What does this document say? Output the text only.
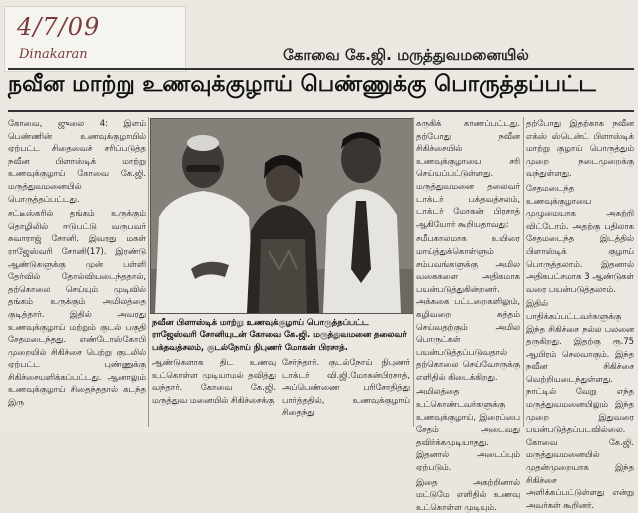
4/7/09
Dinakaran	கோவை கே.ஜி. மருத்துவமனையில்
நவீன மாற்று உணவுக்குழாய் பெண்ணுக்கு பொருத்தப்பட்ட

கோவை, ஜுலை 4: இளம் பெண்ணின் உணவுக்குழாயில் ஏற்பட்ட சிதைவைச் சரிப்படுத்த நவீன பிளாஸ்டிக் மாற்று உணவுக்குழாய் கோவை கே.ஜி. மருத்துவமனையில் பொருத்தப்பட்டது.

சட்டீஸ்கரில் தங்கம் உருக்கும் தொழிலில் ஈடுபட்டு வருபவர் சுவாராஜ் சோனி. இவரது மகள் ராஜேஸ்வரி சோனி(17). இரண்டு ஆண்டுகளுக்கு முன் பள்ளி தேர்வில் தோல்வியடைந்ததால், தற்கொலை செய்யும் முடிவில் தங்கம் உருக்கும் அமிலத்தை குடித்தார். இதில் அவரது உணவுக்குழாய் மற்றும் குடல் பகுதி சேதமடைந்தது. எண்டோஸ்கோபி முறையில் சிகிச்சை பெற்று குடலில் ஏற்பட்ட புண்ணுக்கு சிகிச்சையளிக்கப்பட்டது. ஆனாலும் உணவுக்குழாய் சிதைந்ததால் கடந்த இரு

நவீன பிளாஸ்டிக் மாற்று உணவுக்குழாய் பொருத்தப்பட்ட ராஜேஸ்வரி சோனியுடன் கோவை கே.ஜி. மருத்துவமனை தலைவர் பக்தவத்சலம், குடல்நோய் நிபுணர் மோகன் பிரசாத்.

ஆண்டுகளாக திட உணவு உட்கொள்ள முடியாமல் தவித்து வந்தார். கோவை கே.ஜி. மருத்துவ மனையில் சிகிச்சைக்கு

சேர்ந்தார். குடல்நோய் நிபுணர் டாக்டர் வி.ஜி.மோகன்பிரசாத், அப்பெண்ணை பரிசோதித்து பார்த்ததில், உணவுக்குழாய் சிதைந்து

கருகிக் காணப்பட்டது. தற்போது நவீன சிகிச்சையில் உணவுக்குழாயை சரி செய்யப்பட்டுள்ளது. மருத்துவமனை தலைவர் டாக்டர் பக்தவத்சலம், டாக்டர் மோகன் பிரசாத் ஆகியோர் கூறியதாவது:

சமீபகாலமாக உயிரை மாய்த்துக்கொள்ளும் சம்பவங்களுக்கு அமில வகைகளை அதிகமாக பயன்படுத்துகின்றனர். அக்ககை பட்டறைகளிலும், கழிவறை சுத்தம் செய்வதற்கும் அமில பொருட்கள் பயன்படுத்தப்படுவதால் தற்கொலை செய்வோருக்கு எளிதில் கிடைக்கிறது.

அமிலத்தை உட்கொண்டவர்களுக்கு உணவுக்குழாய், இரைப்பை சேதம் அடைவது தவிர்க்கமுடியாதது. இதனால் அடைப்பும் ஏற்படும்.

இதை அகற்றினால் மட்டுமே எளிதில் உணவு உட்கொள்ள முடியும்.

தற்போது இதற்காக நவீன எக்ஸ் ஸ்டென்ட் பிளாஸ்டிக் மாற்று குழாய் பொருத்தும் முறை நடைமுறைக்கு வந்துள்ளது.

சேதமடைந்த உணவுக்குழாயை முழுமையாக அகற்றி விட்டோம். அதற்கு பதிலாக சேதமடைந்த இடத்தில் பிளாஸ்டிக் குழாய் பொருத்தலாம். இதனால் அதிகபட்சமாக 3 ஆண்டுகள் வரை பயன்படுத்தலாம்.

இதில் பாதிக்கப்பட்டவர்களுக்கு இந்த சிகிச்சை நல்ல பலனை தருகிறது. இதற்கு ரூ.75 ஆயிரம் செலவாகும். இந்த நவீன சிகிச்சை வெற்றியடைந்துள்ளது. நாட்டில் வேறு எந்த மருத்துவமனையிலும் இந்த முறை இதுவரை பயன்படுத்தப்படவில்லை. கோவை கே.ஜி. மருத்துவமனையில் முதன்முறையாக இந்த சிகிச்சை அளிக்கப்பட்டுள்ளது என்று அவர்கள் கூறினர்.
